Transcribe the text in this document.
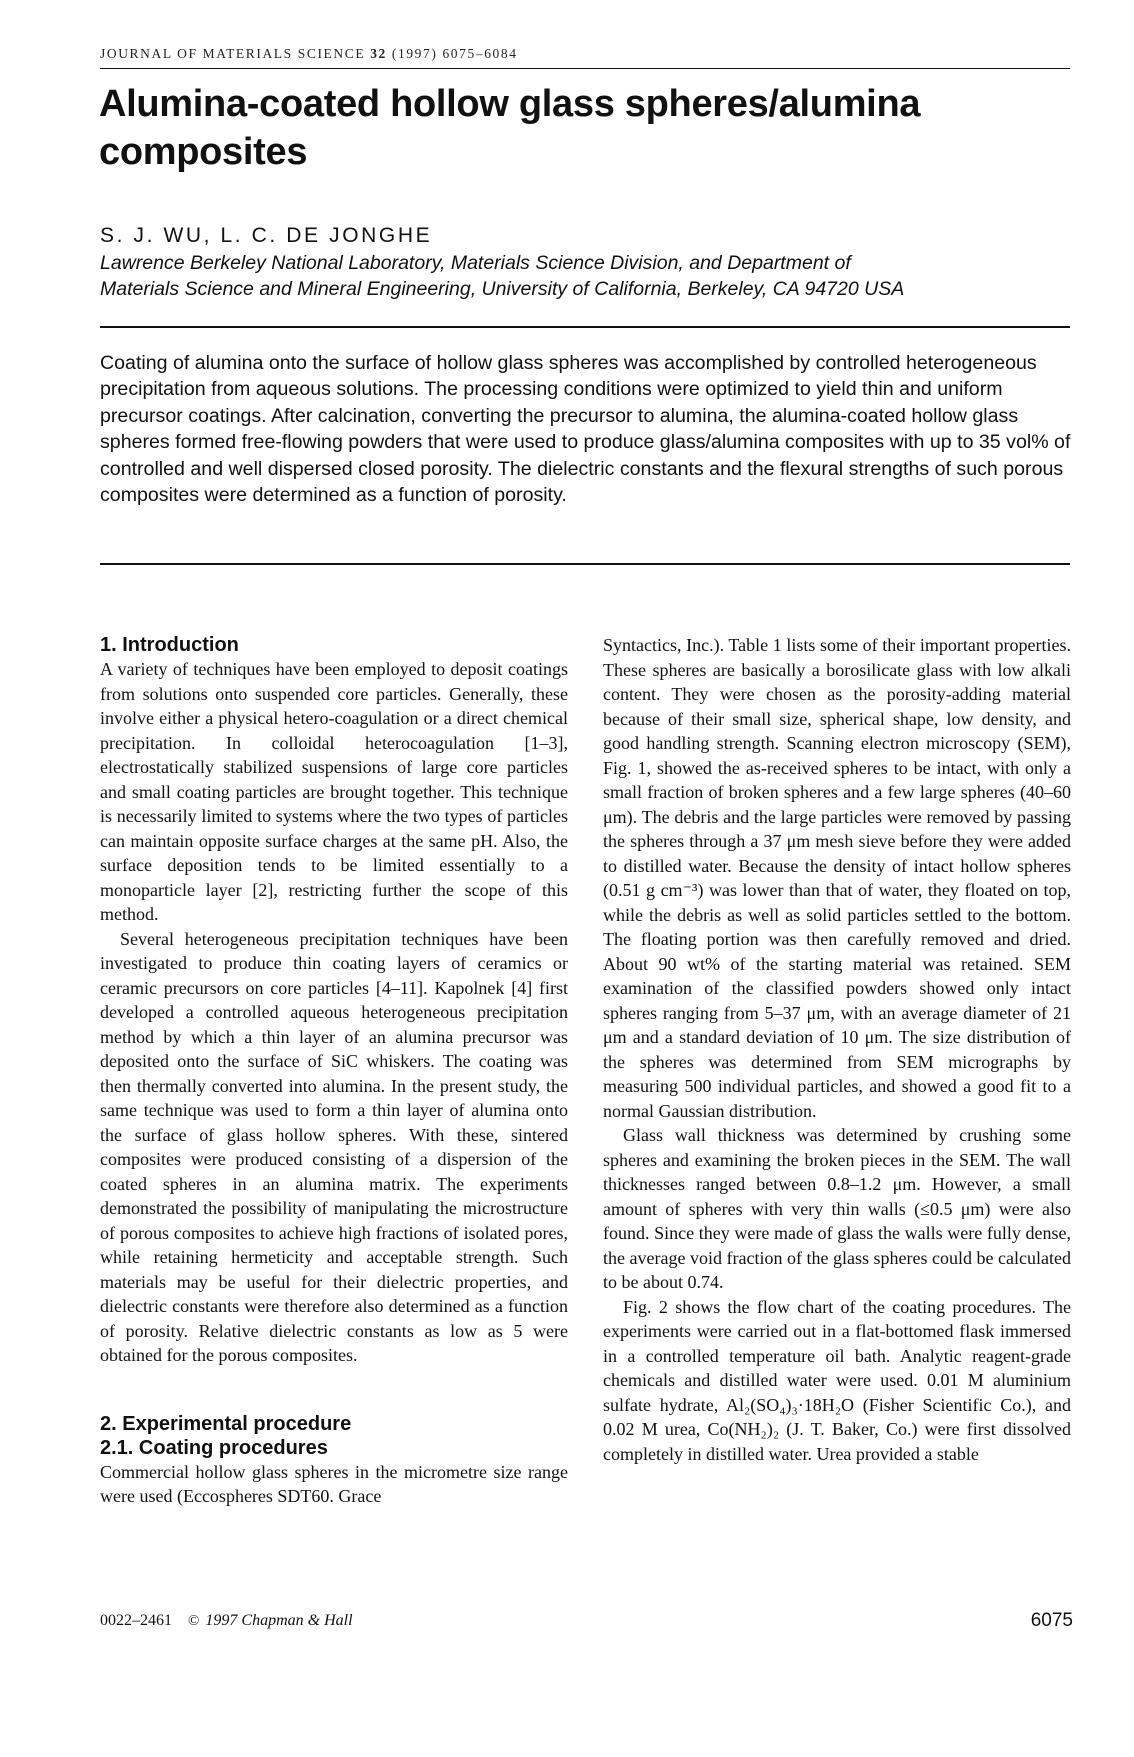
JOURNAL OF MATERIALS SCIENCE 32 (1997) 6075–6084
Alumina-coated hollow glass spheres/alumina
composites
S. J. WU, L. C. DE JONGHE
Lawrence Berkeley National Laboratory, Materials Science Division, and Department of
Materials Science and Mineral Engineering, University of California, Berkeley, CA 94720 USA
Coating of alumina onto the surface of hollow glass spheres was accomplished by controlled heterogeneous precipitation from aqueous solutions. The processing conditions were optimized to yield thin and uniform precursor coatings. After calcination, converting the precursor to alumina, the alumina-coated hollow glass spheres formed free-flowing powders that were used to produce glass/alumina composites with up to 35 vol% of controlled and well dispersed closed porosity. The dielectric constants and the flexural strengths of such porous composites were determined as a function of porosity.
1. Introduction

A variety of techniques have been employed to deposit coatings from solutions onto suspended core particles. Generally, these involve either a physical hetero-coagulation or a direct chemical precipitation. In colloidal heterocoagulation [1–3], electrostatically stabilized suspensions of large core particles and small coating particles are brought together. This technique is necessarily limited to systems where the two types of particles can maintain opposite surface charges at the same pH. Also, the surface deposition tends to be limited essentially to a monoparticle layer [2], restricting further the scope of this method.

Several heterogeneous precipitation techniques have been investigated to produce thin coating layers of ceramics or ceramic precursors on core particles [4–11]. Kapolnek [4] first developed a controlled aqueous heterogeneous precipitation method by which a thin layer of an alumina precursor was deposited onto the surface of SiC whiskers. The coating was then thermally converted into alumina. In the present study, the same technique was used to form a thin layer of alumina onto the surface of glass hollow spheres. With these, sintered composites were produced consisting of a dispersion of the coated spheres in an alumina matrix. The experiments demonstrated the possibility of manipulating the microstructure of porous composites to achieve high fractions of isolated pores, while retaining hermeticity and acceptable strength. Such materials may be useful for their dielectric properties, and dielectric constants were therefore also determined as a function of porosity. Relative dielectric constants as low as 5 were obtained for the porous composites.

2. Experimental procedure
2.1. Coating procedures

Commercial hollow glass spheres in the micrometre size range were used (Eccospheres SDT60. Grace

Syntactics, Inc.). Table 1 lists some of their important properties. These spheres are basically a borosilicate glass with low alkali content. They were chosen as the porosity-adding material because of their small size, spherical shape, low density, and good handling strength. Scanning electron microscopy (SEM), Fig. 1, showed the as-received spheres to be intact, with only a small fraction of broken spheres and a few large spheres (40–60 μm). The debris and the large particles were removed by passing the spheres through a 37 μm mesh sieve before they were added to distilled water. Because the density of intact hollow spheres (0.51 g cm⁻³) was lower than that of water, they floated on top, while the debris as well as solid particles settled to the bottom. The floating portion was then carefully removed and dried. About 90 wt% of the starting material was retained. SEM examination of the classified powders showed only intact spheres ranging from 5–37 μm, with an average diameter of 21 μm and a standard deviation of 10 μm. The size distribution of the spheres was determined from SEM micrographs by measuring 500 individual particles, and showed a good fit to a normal Gaussian distribution.

Glass wall thickness was determined by crushing some spheres and examining the broken pieces in the SEM. The wall thicknesses ranged between 0.8–1.2 μm. However, a small amount of spheres with very thin walls (≤0.5 μm) were also found. Since they were made of glass the walls were fully dense, the average void fraction of the glass spheres could be calculated to be about 0.74.

Fig. 2 shows the flow chart of the coating procedures. The experiments were carried out in a flat-bottomed flask immersed in a controlled temperature oil bath. Analytic reagent-grade chemicals and distilled water were used. 0.01 M aluminium sulfate hydrate, Al₂(SO₄)₃·18H₂O (Fisher Scientific Co.), and 0.02 M urea, Co(NH₂)₂ (J. T. Baker, Co.) were first dissolved completely in distilled water. Urea provided a stable

0022–2461 © 1997 Chapman & Hall	6075
